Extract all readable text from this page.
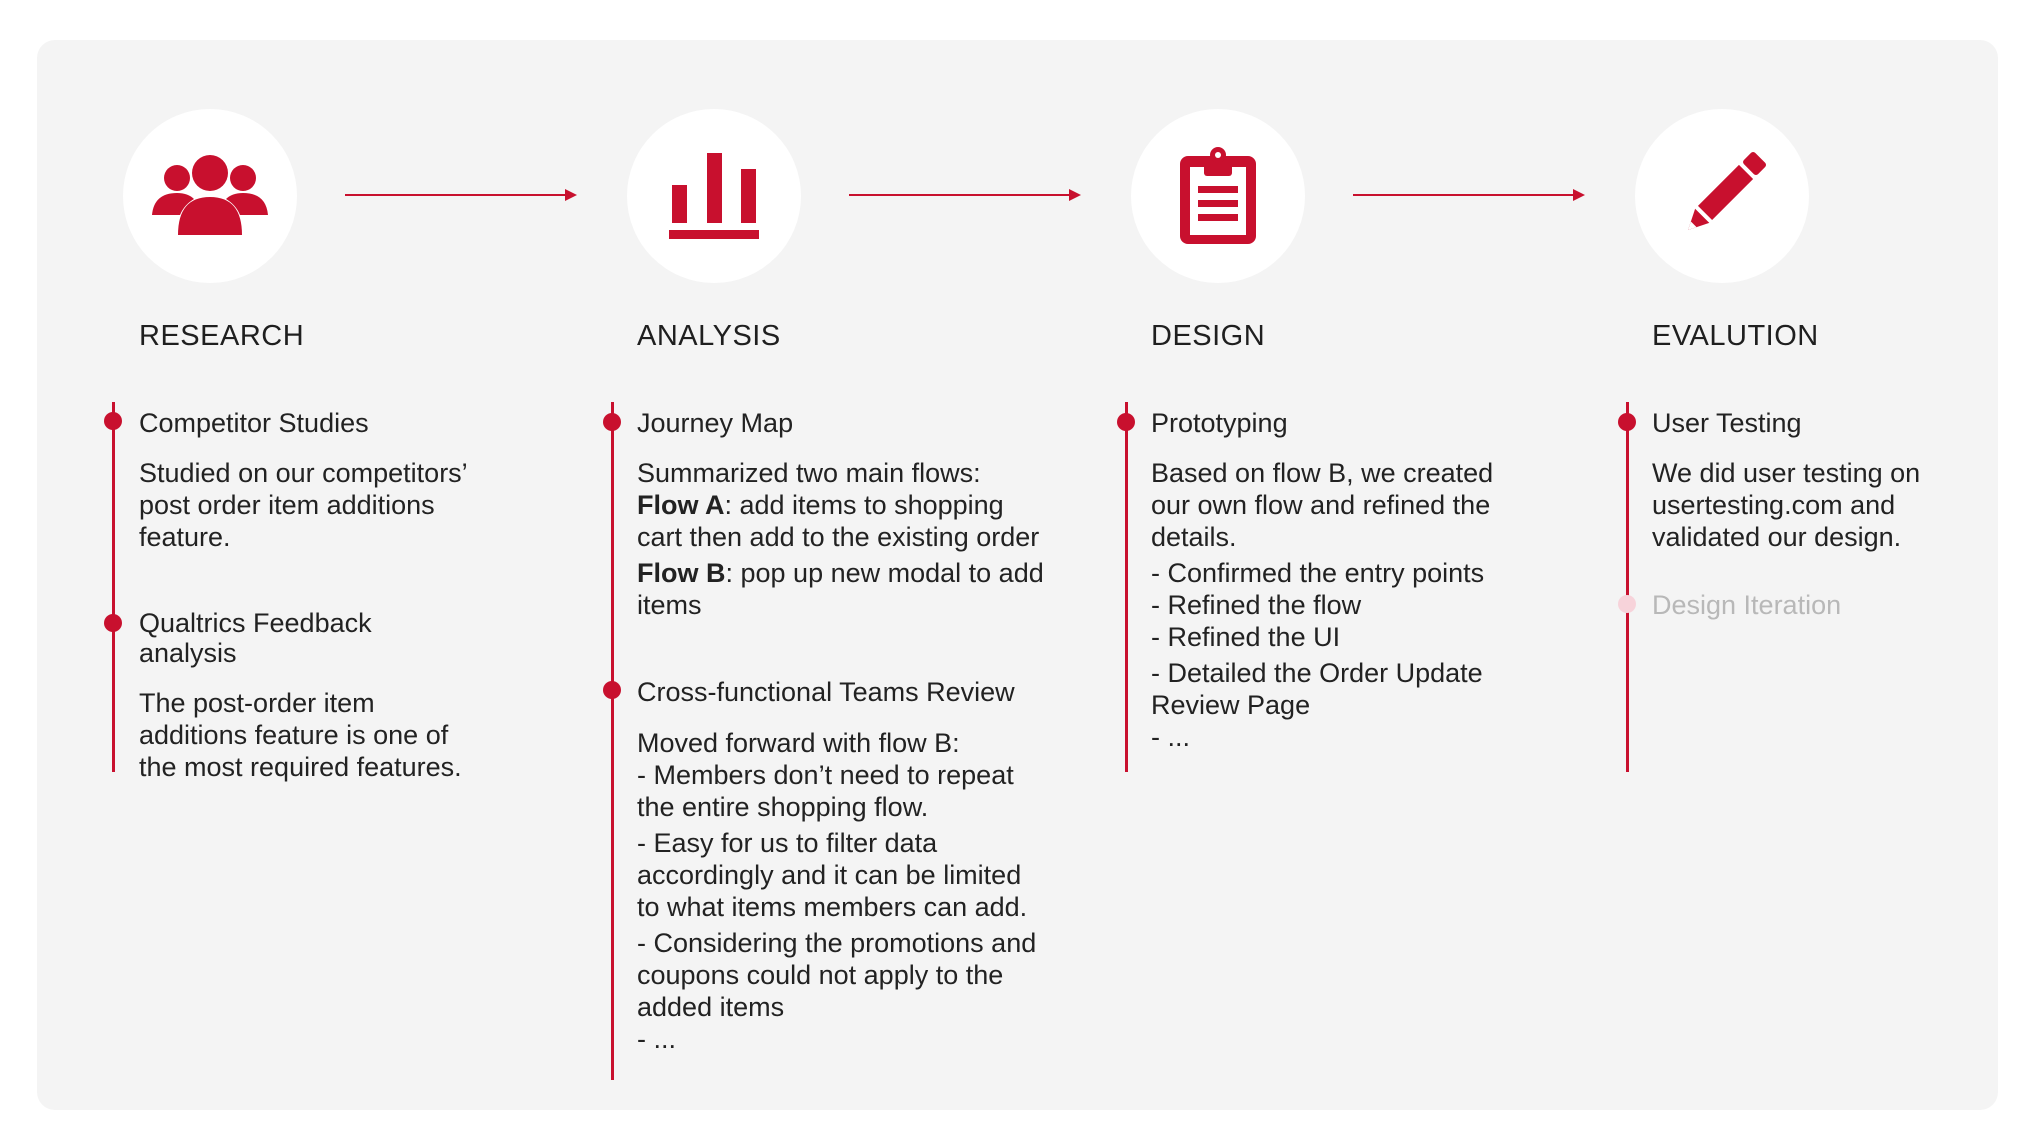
RESEARCH	ANALYSIS	DESIGN	EVALUTION
Competitor Studies
Studied on our competitors’
post order item additions
feature.
Qualtrics Feedback
analysis
The post-order item
additions feature is one of
the most required features.
Journey Map
Summarized two main flows:
Flow A: add items to shopping
cart then add to the existing order
Flow B: pop up new modal to add
items
Cross-functional Teams Review
Moved forward with flow B:
- Members don’t need to repeat
the entire shopping flow.
- Easy for us to filter data
accordingly and it can be limited
to what items members can add.
- Considering the promotions and
coupons could not apply to the
added items
- ...
Prototyping
Based on flow B, we created
our own flow and refined the
details.
- Confirmed the entry points
- Refined the flow
- Refined the UI
- Detailed the Order Update
Review Page
- ...
User Testing
We did user testing on
usertesting.com and
validated our design.
Design Iteration
